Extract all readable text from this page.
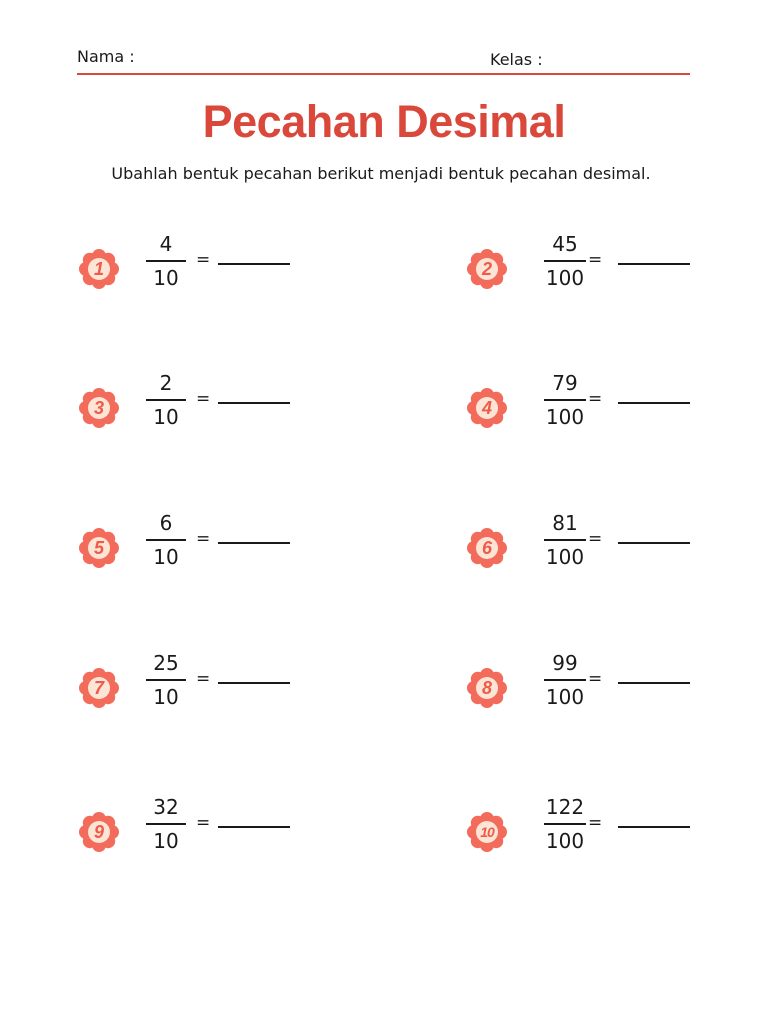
Nama :	Kelas :
Pecahan Desimal
Ubahlah bentuk pecahan berikut menjadi bentuk pecahan desimal.
1
4
10
=	2
45
100
=
3
2
10
=	4
79
100
=
5
6
10
=	6
81
100
=
7
25
10
=	8
99
100
=
9
32
10
=	10
122
100
=
